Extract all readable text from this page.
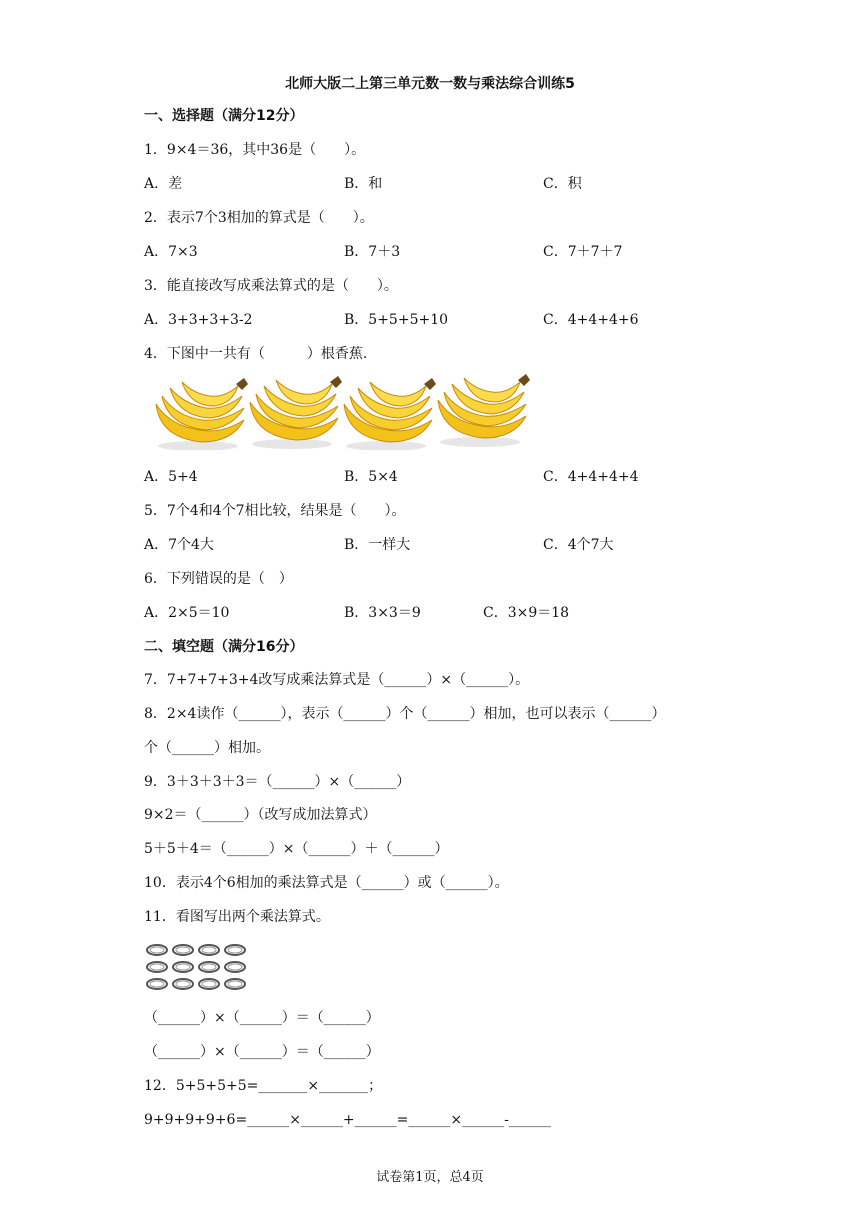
北师大版二上第三单元数一数与乘法综合训练5
一、选择题（满分12分）
1．9×4＝36，其中36是（　　）。
A．差	B．和	C．积
2．表示7个3相加的算式是（　　）。
A．7×3	B．7＋3	C．7＋7＋7
3．能直接改写成乘法算式的是（　　）。
A．3+3+3+3-2	B．5+5+5+10	C．4+4+4+6
4．下图中一共有（　　　）根香蕉.
A．5+4	B．5×4	C．4+4+4+4
5．7个4和4个7相比较，结果是（　　）。
A．7个4大	B．一样大	C．4个7大
6．下列错误的是（　）
A．2×5＝10	B．3×3＝9	C．3×9＝18
二、填空题（满分16分）
7．7+7+7+3+4改写成乘法算式是（______）×（______）。
8．2×4读作（______），表示（______）个（______）相加，也可以表示（______）
个（______）相加。
9．3＋3＋3＋3＝（______）×（______）
9×2＝（______）（改写成加法算式）
5＋5＋4＝（______）×（______）＋（______）
10．表示4个6相加的乘法算式是（______）或（______）。
11．看图写出两个乘法算式。
（______）×（______）＝（______）
（______）×（______）＝（______）
12．5+5+5+5=_______×_______；
9+9+9+9+6=______×______+______=______×______-______
试卷第1页，总4页
